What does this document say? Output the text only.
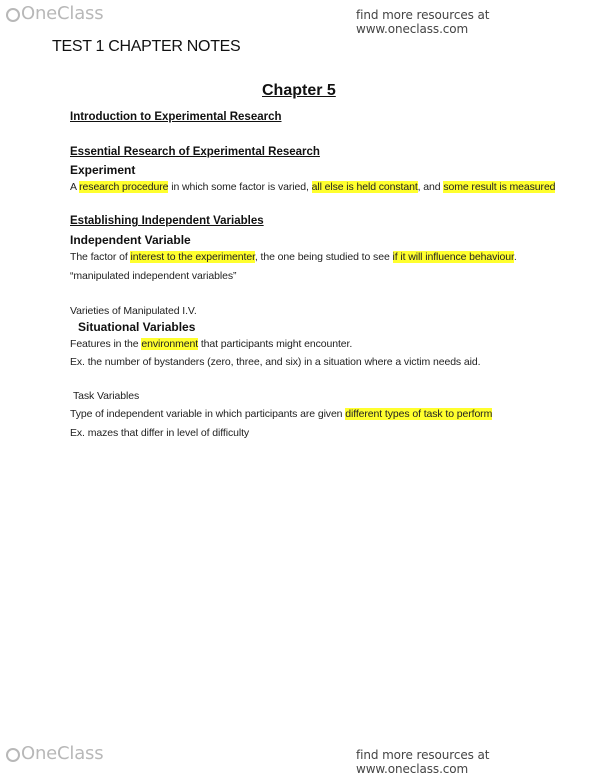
OneClass	find more resources at www.oneclass.com
TEST 1 CHAPTER NOTES
Chapter 5
Introduction to Experimental Research
Essential Research of Experimental Research
Experiment
A research procedure in which some factor is varied, all else is held constant, and some result is measured
Establishing Independent Variables
Independent Variable
The factor of interest to the experimenter, the one being studied to see if it will influence behaviour.
“manipulated independent variables”
Varieties of Manipulated I.V.
Situational Variables
Features in the environment that participants might encounter.
Ex. the number of bystanders (zero, three, and six) in a situation where a victim needs aid.
Task Variables
Type of independent variable in which participants are given different types of task to perform
Ex. mazes that differ in level of difficulty
OneClass	find more resources at www.oneclass.com
